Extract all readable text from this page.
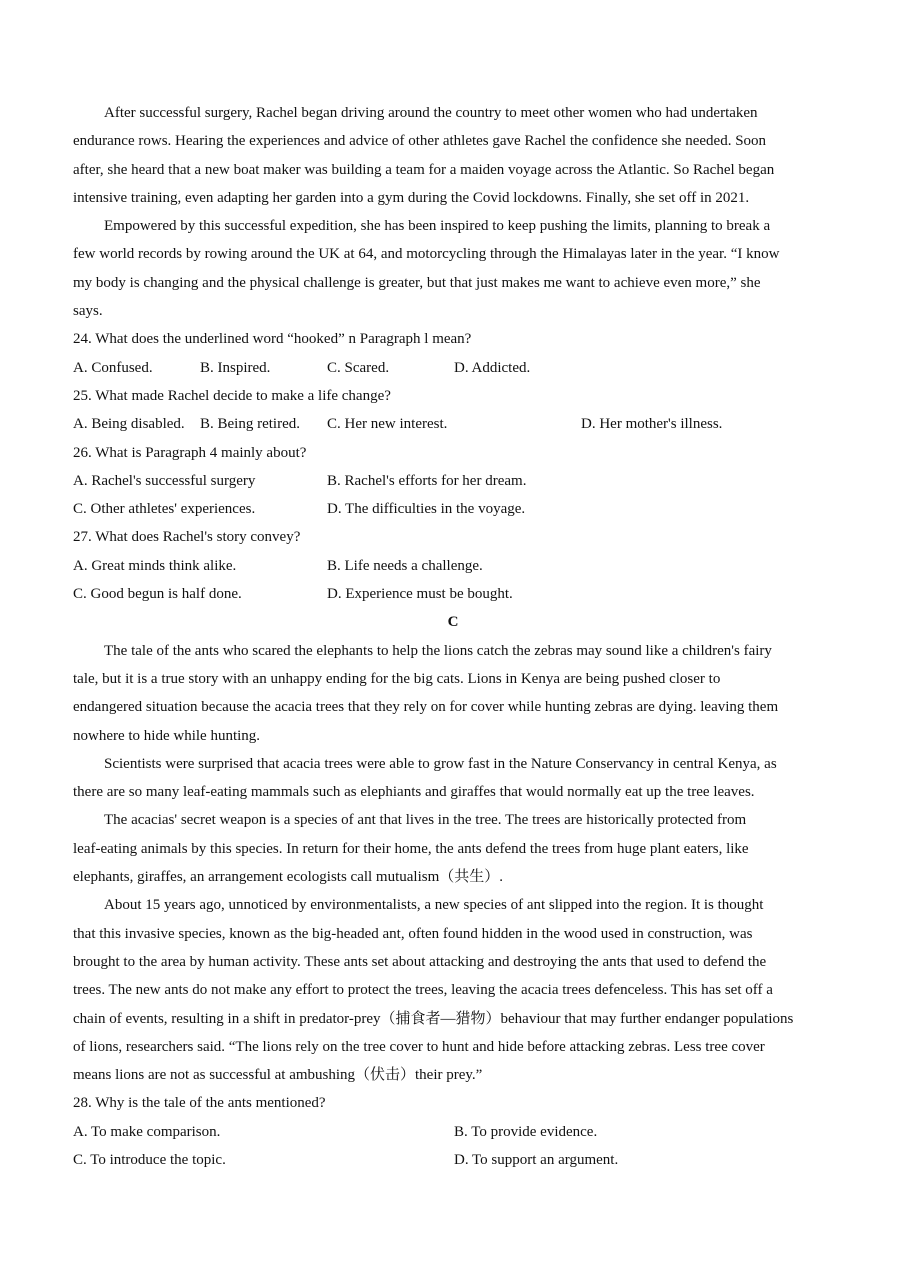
After successful surgery, Rachel began driving around the country to meet other women who had undertaken
endurance rows. Hearing the experiences and advice of other athletes gave Rachel the confidence she needed. Soon
after, she heard that a new boat maker was building a team for a maiden voyage across the Atlantic. So Rachel began
intensive training, even adapting her garden into a gym during the Covid lockdowns. Finally, she set off in 2021.
Empowered by this successful expedition, she has been inspired to keep pushing the limits, planning to break a
few world records by rowing around the UK at 64, and motorcycling through the Himalayas later in the year. “I know
my body is changing and the physical challenge is greater, but that just makes me want to achieve even more,” she
says.
24. What does the underlined word “hooked” n Paragraph l mean?
A. Confused.	B. Inspired.	C. Scared.	D. Addicted.
25. What made Rachel decide to make a life change?
A. Being disabled. B. Being retired. C. Her new interest.	D. Her mother's illness.
26. What is Paragraph 4 mainly about?
A. Rachel's successful surgery	B. Rachel's efforts for her dream.
C. Other athletes' experiences.	D. The difficulties in the voyage.
27. What does Rachel's story convey?
A. Great minds think alike.	B. Life needs a challenge.
C. Good begun is half done.	D. Experience must be bought.
C
The tale of the ants who scared the elephants to help the lions catch the zebras may sound like a children's fairy
tale, but it is a true story with an unhappy ending for the big cats. Lions in Kenya are being pushed closer to
endangered situation because the acacia trees that they rely on for cover while hunting zebras are dying. leaving them
nowhere to hide while hunting.
Scientists were surprised that acacia trees were able to grow fast in the Nature Conservancy in central Kenya, as
there are so many leaf-eating mammals such as elephiants and giraffes that would normally eat up the tree leaves.
The acacias' secret weapon is a species of ant that lives in the tree. The trees are historically protected from
leaf-eating animals by this species. In return for their home, the ants defend the trees from huge plant eaters, like
elephants, giraffes, an arrangement ecologists call mutualism（共生）.
About 15 years ago, unnoticed by environmentalists, a new species of ant slipped into the region. It is thought
that this invasive species, known as the big-headed ant, often found hidden in the wood used in construction, was
brought to the area by human activity. These ants set about attacking and destroying the ants that used to defend the
trees. The new ants do not make any effort to protect the trees, leaving the acacia trees defenceless. This has set off a
chain of events, resulting in a shift in predator-prey（捕食者—猎物）behaviour that may further endanger populations
of lions, researchers said. “The lions rely on the tree cover to hunt and hide before attacking zebras. Less tree cover
means lions are not as successful at ambushing（伏击）their prey.”
28. Why is the tale of the ants mentioned?
A. To make comparison.	B. To provide evidence.
C. To introduce the topic.	D. To support an argument.
